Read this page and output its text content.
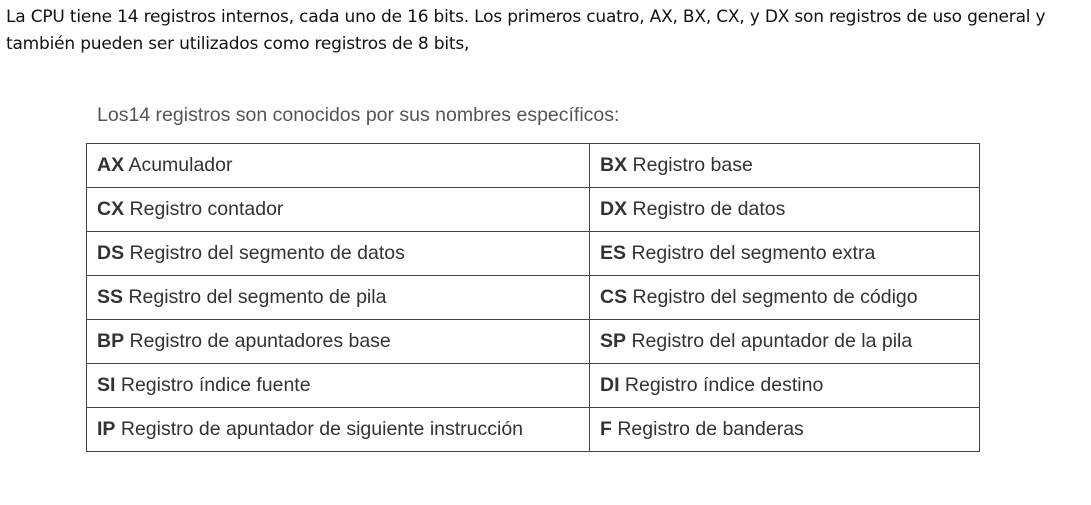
La CPU tiene 14 registros internos, cada uno de 16 bits. Los primeros cuatro, AX, BX, CX, y DX son registros de uso general y también pueden ser utilizados como registros de 8 bits,

Los14 registros son conocidos por sus nombres específicos:

AX Acumulador	BX Registro base
CX Registro contador	DX Registro de datos
DS Registro del segmento de datos	ES Registro del segmento extra
SS Registro del segmento de pila	CS Registro del segmento de código
BP Registro de apuntadores base	SP Registro del apuntador de la pila
SI Registro índice fuente	DI Registro índice destino
IP Registro de apuntador de siguiente instrucción	F Registro de banderas
